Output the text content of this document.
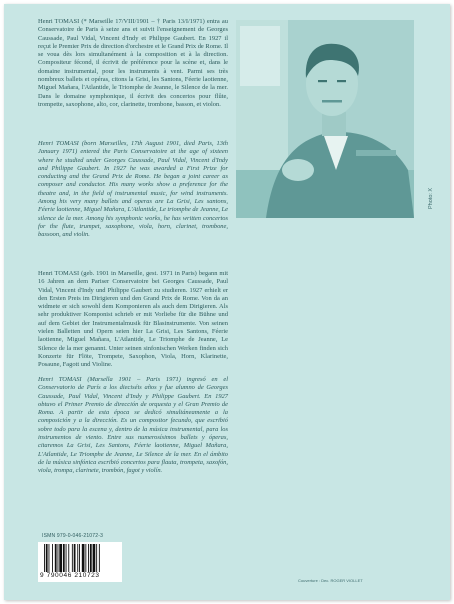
Henri TOMASI (* Marseille 17/VIII/1901 – † Paris 13/I/1971) entra au Conservatoire de Paris à seize ans et suivit l'enseignement de Georges Caussade, Paul Vidal, Vincent d'Indy et Philippe Gaubert. En 1927 il reçut le Premier Prix de direction d'orchestre et le Grand Prix de Rome. Il se voua dès lors simultanément à la composition et à la direction. Compositeur fécond, il écrivit de préférence pour la scène et, dans le domaine instrumental, pour les instruments à vent. Parmi ses très nombreux ballets et opéras, citons la Grisi, les Santons, Féerie laotienne, Miguel Mañara, l'Atlantide, le Triomphe de Jeanne, le Silence de la mer. Dans le domaine symphonique, il écrivit des concertos pour flûte, trompette, saxophone, alto, cor, clarinette, trombone, basson, et violon.

Henri TOMASI (born Marseilles, 17th August 1901, died Paris, 13th January 1971) entered the Paris Conservatoire at the age of sixteen where he studied under Georges Caussade, Paul Vidal, Vincent d'Indy and Philippe Gaubert. In 1927 he was awarded a First Prize for conducting and the Grand Prix de Rome. He began a joint career as composer and conductor. His many works show a preference for the theatre and, in the field of instrumental music, for wind instruments. Among his very many ballets and operas are La Grisi, Les santons, Féerie laotienne, Miguel Mañara, L'Atlantide, Le triomphe de Jeanne, Le silence de la mer. Among his symphonic works, he has written concertos for the flute, trumpet, saxophone, viola, horn, clarinet, trombone, bassoon, and violin.

Henri TOMASI (geb. 1901 in Marseille, gest. 1971 in Paris) begann mit 16 Jahren an dem Pariser Conservatoire bei Georges Caussade, Paul Vidal, Vincent d'Indy und Philippe Gaubert zu studieren. 1927 erhielt er den Ersten Preis im Dirigieren und den Grand Prix de Rome. Von da an widmete er sich sowohl dem Komponieren als auch dem Dirigieren. Als sehr produktiver Komponist schrieb er mit Vorliebe für die Bühne und auf dem Gebiet der Instrumentalmusik für Blasinstrumente. Von seinen vielen Balletten und Opern seien hier La Grisi, Les Santons, Féerie laotienne, Miguel Mañara, L'Atlantide, Le Triomphe de Jeanne, Le Silence de la mer genannt. Unter seinen sinfonischen Werken finden sich Konzerte für Flöte, Trompete, Saxophon, Viola, Horn, Klarinette, Posaune, Fagott und Violine.

Henri TOMASI (Marsella 1901 – Paris 1971) ingresó en el Conservatorio de París a los dieciséis años y fue alumno de Georges Caussade, Paul Vidal, Vincent d'Indy y Philippe Gaubert. En 1927 obtuvo el Primer Premio de dirección de orquesta y el Gran Premio de Roma. A partir de esta época se dedicó simultáneamente a la composición y a la dirección. Es un compositor fecundo, que escribió sobre todo para la escena y, dentro de la música instrumental, para los instrumentos de viento. Entre sus numerosísimos ballets y óperas, citaremos La Grisi, Les Santons, Féerie laotienne, Miguel Mañara, L'Atlantide, Le Triomphe de Jeanne, Le Silence de la mer. En el ámbito de la música sinfónica escribió concertos para flauta, trompeta, saxofón, viola, trompa, clarinete, trombón, fagot y violín.

Photo: X
ISMN 979-0-046-21072-3
9 790046 210723
Couverture : Dec. ROGER VIOLLET
